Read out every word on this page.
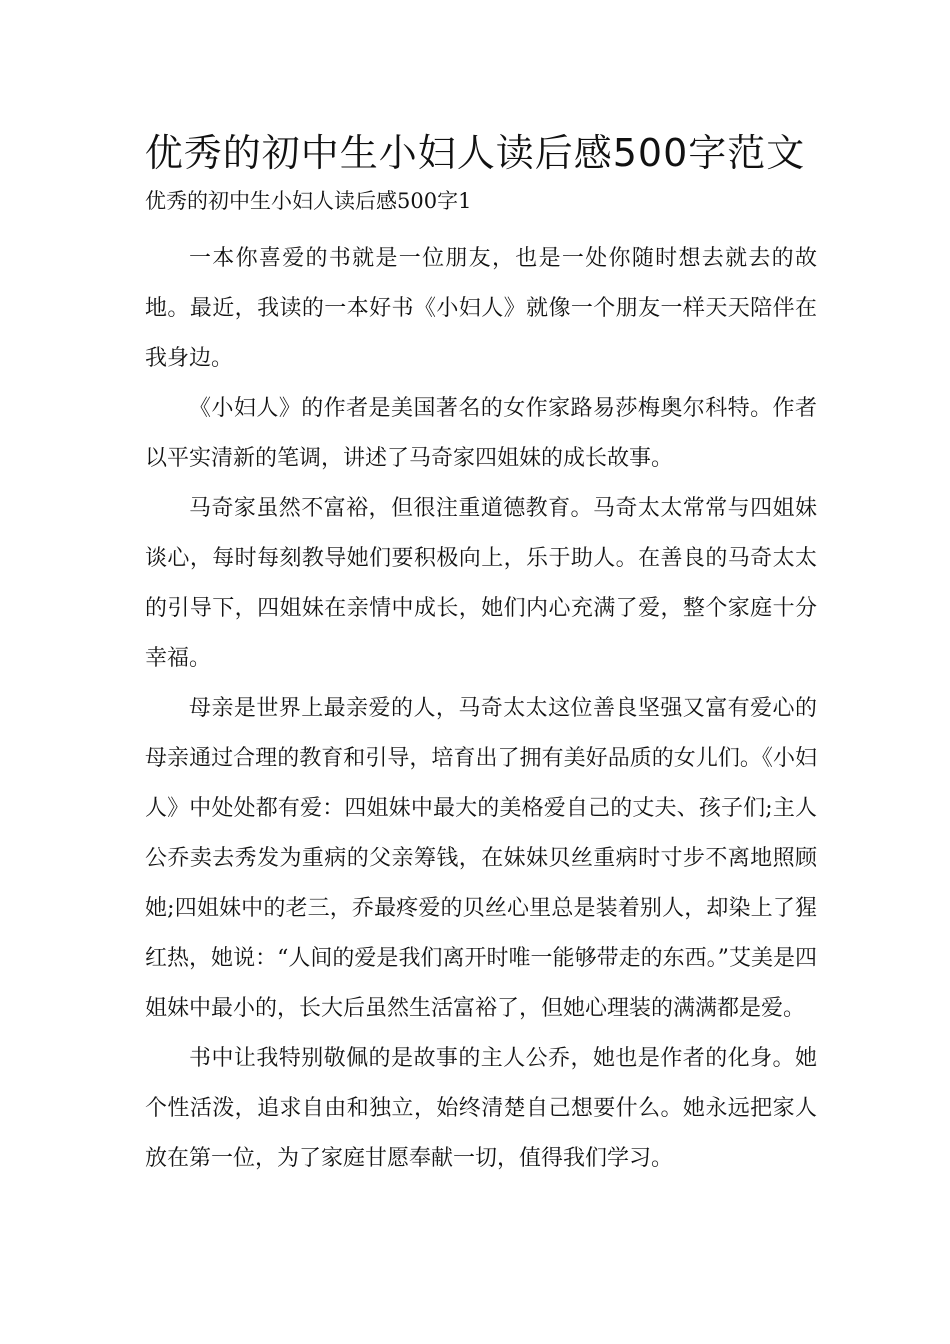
优秀的初中生小妇人读后感500字范文

优秀的初中生小妇人读后感500字1

一本你喜爱的书就是一位朋友，也是一处你随时想去就去的故地。最近，我读的一本好书《小妇人》就像一个朋友一样天天陪伴在我身边。

《小妇人》的作者是美国著名的女作家路易莎梅奥尔科特。作者以平实清新的笔调，讲述了马奇家四姐妹的成长故事。

马奇家虽然不富裕，但很注重道德教育。马奇太太常常与四姐妹谈心，每时每刻教导她们要积极向上，乐于助人。在善良的马奇太太的引导下，四姐妹在亲情中成长，她们内心充满了爱，整个家庭十分幸福。

母亲是世界上最亲爱的人，马奇太太这位善良坚强又富有爱心的母亲通过合理的教育和引导，培育出了拥有美好品质的女儿们。《小妇人》中处处都有爱：四姐妹中最大的美格爱自己的丈夫、孩子们;主人公乔卖去秀发为重病的父亲筹钱，在妹妹贝丝重病时寸步不离地照顾她;四姐妹中的老三，乔最疼爱的贝丝心里总是装着别人，却染上了猩红热，她说：“人间的爱是我们离开时唯一能够带走的东西。”艾美是四姐妹中最小的，长大后虽然生活富裕了，但她心理装的满满都是爱。

书中让我特别敬佩的是故事的主人公乔，她也是作者的化身。她个性活泼，追求自由和独立，始终清楚自己想要什么。她永远把家人放在第一位，为了家庭甘愿奉献一切，值得我们学习。
